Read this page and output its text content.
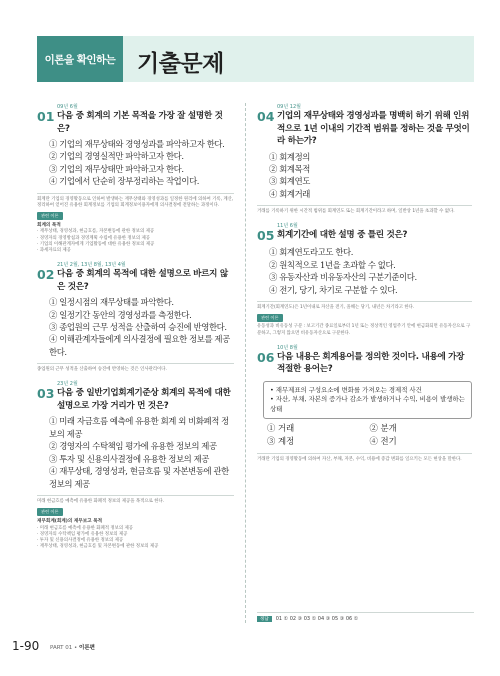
이론을 확인하는 기출문제
09년 6월
01 다음 중 회계의 기본 목적을 가장 잘 설명한 것은?
① 기업의 재무상태와 경영성과를 파악하고자 한다.
② 기업의 경영실적만 파악하고자 한다.
③ 기업의 재무상태만 파악하고자 한다.
④ 기업에서 단순히 장부정리하는 작업이다.
회계란 기업의 경영활동으로 인하여 발생하는 재무상태와 경영성과를 일정한 원리에 의하여 기록, 계산, 정리하여 얻어진 유용한 회계정보를 기업의 회계정보이용자에게 의사결정에 전달하는 과정이다.
관련 이론
회계의 목적
· 재무상태, 경영성과, 현금흐름, 자본변동에 관한 정보의 제공
· 경영자의 경영방침과 경영계획 수립에 유용한 정보의 제공
· 기업의 이해관계자에게 기업활동에 대한 유용한 정보의 제공
· 과세자료의 제공
21년 2월, 13년 8월, 13년 4월
02 다음 중 회계의 목적에 대한 설명으로 바르지 않은 것은?
① 일정시점의 재무상태를 파악한다.
② 일정기간 동안의 경영성과를 측정한다.
③ 종업원의 근무 성적을 산출하여 승진에 반영한다.
④ 이해관계자들에게 의사결정에 필요한 정보를 제공한다.
종업원의 근무 성적을 산출하여 승진에 반영하는 것은 인사관리이다.
23년 2월
03 다음 중 일반기업회계기준상 회계의 목적에 대한 설명으로 가장 거리가 먼 것은?
① 미래 자금흐름 예측에 유용한 회계 외 비화폐적 정보의 제공
② 경영자의 수탁책임 평가에 유용한 정보의 제공
③ 투자 및 신용의사결정에 유용한 정보의 제공
④ 재무상태, 경영성과, 현금흐름 및 자본변동에 관한 정보의 제공
미래 현금흐름 예측에 유용한 화폐적 정보의 제공을 목적으로 한다.
관련 이론
재무회계(회계)의 재무보고 목적
· 미래 현금흐름 예측에 유용한 화폐적 정보의 제공
· 경영자의 수탁책임 평가에 유용한 정보의 제공
· 투자 및 신용의사결정에 유용한 정보의 제공
· 재무상태, 경영성과, 현금흐름 및 자본변동에 관한 정보의 제공
09년 12월
04 기업의 재무상태와 경영성과를 명백히 하기 위해 인위적으로 1년 이내의 기간적 범위를 정하는 것을 무엇이라 하는가?
① 회계정의
② 회계목적
③ 회계연도
④ 회계거래
거래를 기록하기 위한 시간적 범위를 회계연도 또는 회계기간이라고 하며, 일반상 1년을 초과할 수 없다.
11년 6월
05 회계기간에 대한 설명 중 틀린 것은?
① 회계연도라고도 한다.
② 원칙적으로 1년을 초과할 수 없다.
③ 유동자산과 비유동자산의 구분기준이다.
④ 전기, 당기, 차기로 구분할 수 있다.
회계기간(회계연도)은 1년이내로 자산을 전기, 올해는 당기, 내년은 차기라고 한다.
관련 이론
유동성과 비유동성 구분 : 보고기간 종료일로부터 1년 또는 정상적인 영업주기 안에 현금화되면 유동자산으로 구분하고, 그렇지 않으면 비유동자산으로 구분한다.
10년 8월
06 다음 내용은 회계용어를 정의한 것이다. 내용에 가장 적절한 용어는?
• 재무제표의 구성요소에 변화를 가져오는 경제적 사건
• 자산, 부채, 자본의 증가나 감소가 발생하거나 수익, 비용이 발생하는 상태
① 거래	② 분개
③ 계정	④ 전기
거래란 기업의 경영활동에 의하여 자산, 부채, 자본, 수익, 비용에 증감 변화를 일으키는 모든 현상을 말한다.
정답 01 ① 02 ③ 03 ① 04 ③ 05 ③ 06 ①
1-90 PART 01 • 이론편
